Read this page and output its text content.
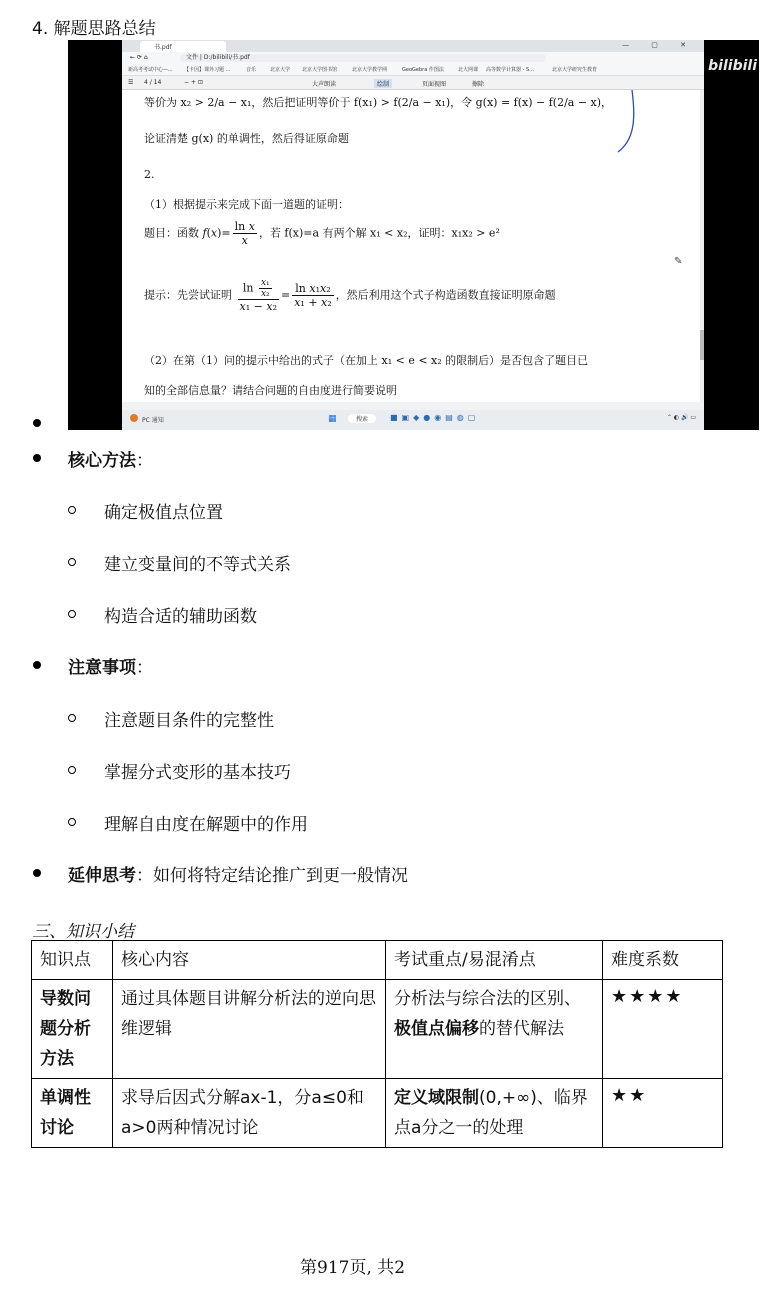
4. 解题思路总结
书.pdf	— ▢ ✕
← ⟳ ⌂	文件 | D:/bilibili/书.pdf
新高考考试中心—... 【卡因】课外习题 ...	音乐	北京大学 北京大学图书馆	北京大学教学网	GeoGebra 作图法	北大网课 高等数学计算器 - S...	北京大学研究生教育
☰ 4 / 14	− + ⊡	大声朗读	绘制	页面视图	擦除
等价为 x₂ > 2/a − x₁，然后把证明等价于 f(x₁) > f(2/a − x₁)，令 g(x) = f(x) − f(2/a − x)，
论证清楚 g(x) 的单调性，然后得证原命题
2.
（1）根据提示来完成下面一道题的证明：
题目：函数 $f(x)= \frac{\text{ln x}}{x}$ ，若 f(x)=a 有两个解 x₁ < x₂，证明：x₁x₂ > e²
提示：先尝试证明 $\frac{\ln \frac{\text{x₁}}{\text{x₂}}}{\text{x₁ − x₂}} = \frac{\text{ln x₁x₂}}{\text{x₁ + x₂}}$ ，然后利用这个式子构造函数直接证明原命题
（2）在第（1）问的提示中给出的式子（在加上 x₁ < e < x₂ 的限制后）是否包含了题目已
知的全部信息量？请结合问题的自由度进行简要说明
✎
PC 通知	▦	搜索	■▣◆●◉▤◍▢	⌃ ◐ 🔊 ▭
bilibili
核心方法：
确定极值点位置
建立变量间的不等式关系
构造合适的辅助函数
注意事项：
注意题目条件的完整性
掌握分式变形的基本技巧
理解自由度在解题中的作用
延伸思考：如何将特定结论推广到更一般情况
三、知识小结
知识点	核心内容	考试重点/易混淆点	难度系数
导数问题分析方法	通过具体题目讲解分析法的逆向思维逻辑	分析法与综合法的区别、极值点偏移的替代解法	★★★★
单调性讨论	求导后因式分解ax-1，分a≤0和a>0两种情况讨论	定义域限制(0,+∞)、临界点a分之一的处理	★★
第917页, 共2
